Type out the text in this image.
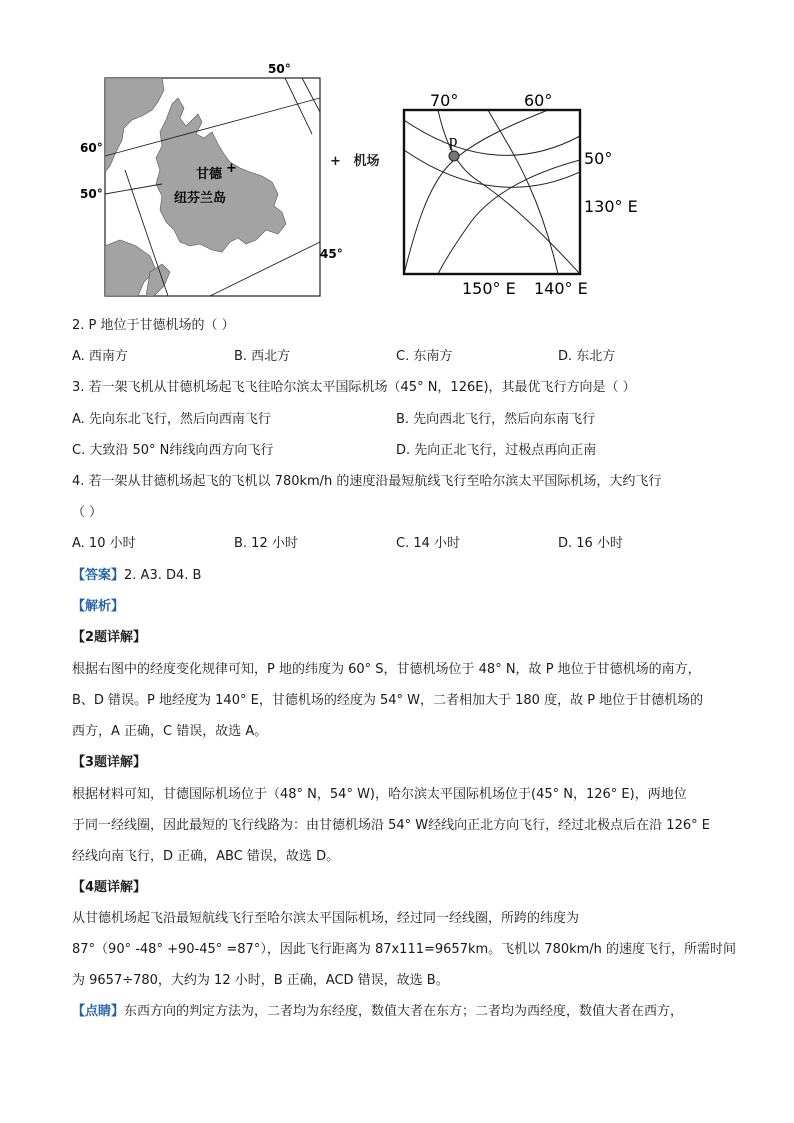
50°
60°
50°
45°
+
甘德
纽芬兰岛
+ 机场
p
70°	60°
50°
130° E
150° E 140° E
2. P 地位于甘德机场的（ ）
A. 西南方	B. 西北方	C. 东南方	D. 东北方
3. 若一架飞机从甘德机场起飞飞往哈尔滨太平国际机场（45° N，126E)，其最优飞行方向是（ ）
A. 先向东北飞行，然后向西南飞行	B. 先向西北飞行，然后向东南飞行
C. 大致沿 50° N纬线向西方向飞行	D. 先向正北飞行，过极点再向正南
4. 若一架从甘德机场起飞的飞机以 780km/h 的速度沿最短航线飞行至哈尔滨太平国际机场，大约飞行
（ ）
A. 10 小时	B. 12 小时	C. 14 小时	D. 16 小时
【答案】2. A3. D4. B
【解析】
【2题详解】
根据右图中的经度变化规律可知，P 地的纬度为 60° S，甘德机场位于 48° N，故 P 地位于甘德机场的南方，
B、D 错误。P 地经度为 140° E，甘德机场的经度为 54° W，二者相加大于 180 度，故 P 地位于甘德机场的
西方，A 正确，C 错误，故选 A。
【3题详解】
根据材料可知，甘德国际机场位于（48° N，54° W)，哈尔滨太平国际机场位于(45° N，126° E)，两地位
于同一经线圈，因此最短的飞行线路为：由甘德机场沿 54° W经线向正北方向飞行，经过北极点后在沿 126° E
经线向南飞行，D 正确，ABC 错误，故选 D。
【4题详解】
从甘德机场起飞沿最短航线飞行至哈尔滨太平国际机场，经过同一经线圈，所跨的纬度为
87°（90° -48° +90-45° =87°），因此飞行距离为 87x111=9657km。飞机以 780km/h 的速度飞行，所需时间
为 9657÷780，大约为 12 小时，B 正确，ACD 错误，故选 B。
【点睛】东西方向的判定方法为，二者均为东经度，数值大者在东方；二者均为西经度，数值大者在西方，
